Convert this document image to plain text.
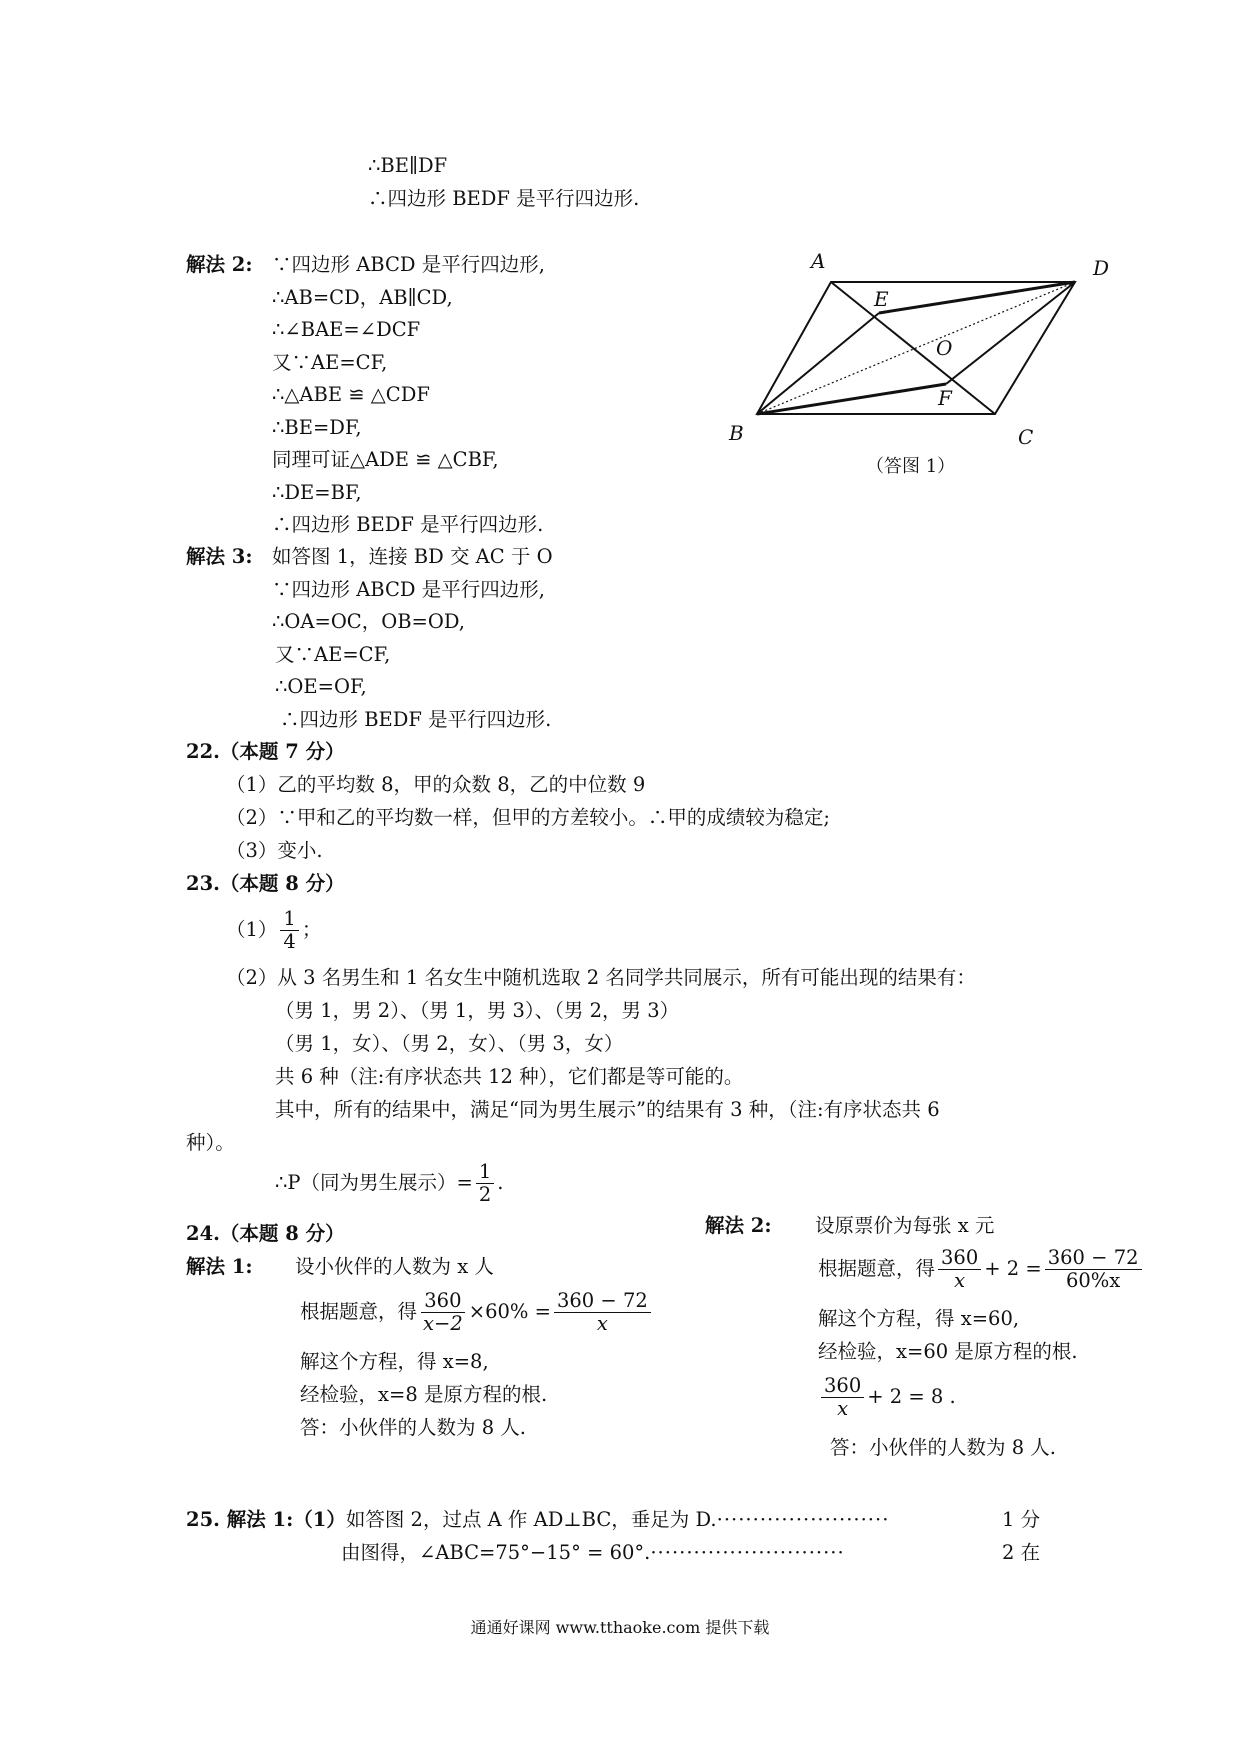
∴BE∥DF
∴四边形 BEDF 是平行四边形.
解法 2: ∵四边形 ABCD 是平行四边形,
∴AB=CD，AB∥CD,
∴∠BAE=∠DCF
又∵AE=CF,
∴△ABE ≌ △CDF
∴BE=DF,
同理可证△ADE ≌ △CBF,
∴DE=BF,
∴四边形 BEDF 是平行四边形.
A	D
E
O
F
B	C
（答图 1）
解法 3: 如答图 1，连接 BD 交 AC 于 O
∵四边形 ABCD 是平行四边形,
∴OA=OC，OB=OD,
又∵AE=CF,
∴OE=OF,
∴四边形 BEDF 是平行四边形.
22.（本题 7 分）
（1）乙的平均数 8，甲的众数 8，乙的中位数 9
（2）∵甲和乙的平均数一样，但甲的方差较小。∴甲的成绩较为稳定;
（3）变小.
23.（本题 8 分）
$(1) \frac{1}{4}$ ；
（2）从 3 名男生和 1 名女生中随机选取 2 名同学共同展示，所有可能出现的结果有：
（男 1，男 2）、（男 1，男 3）、（男 2，男 3）
（男 1，女）、（男 2，女）、（男 3，女）
共 6 种（注:有序状态共 12 种），它们都是等可能的。
其中，所有的结果中，满足“同为男生展示”的结果有 3 种，（注:有序状态共 6
种）。
∴P（同为男生展示）= $\frac{1}{2}$ .
24.（本题 8 分）
解法 1: 设小伙伴的人数为 x 人
根据题意，得 $\frac{360}{x-2} \times 60\% = \frac{360 - 72}{x}$
解这个方程，得 x=8,
经检验，x=8 是原方程的根.
答：小伙伴的人数为 8 人.
解法 2: 设原票价为每张 x 元
根据题意，得 $\frac{360}{x} + 2 = \frac{360 - 72}{60\%x}$
解这个方程，得 x=60,
经检验，x=60 是原方程的根.
$\frac{360}{x} + 2 = 8$ .
答：小伙伴的人数为 8 人.
25. 解法 1:（1）如答图 2，过点 A 作 AD⊥BC，垂足为 D.························	1 分
由图得，∠ABC=75°−15° = 60°.···························	2 在
通通好课网 www.tthaoke.com 提供下载
